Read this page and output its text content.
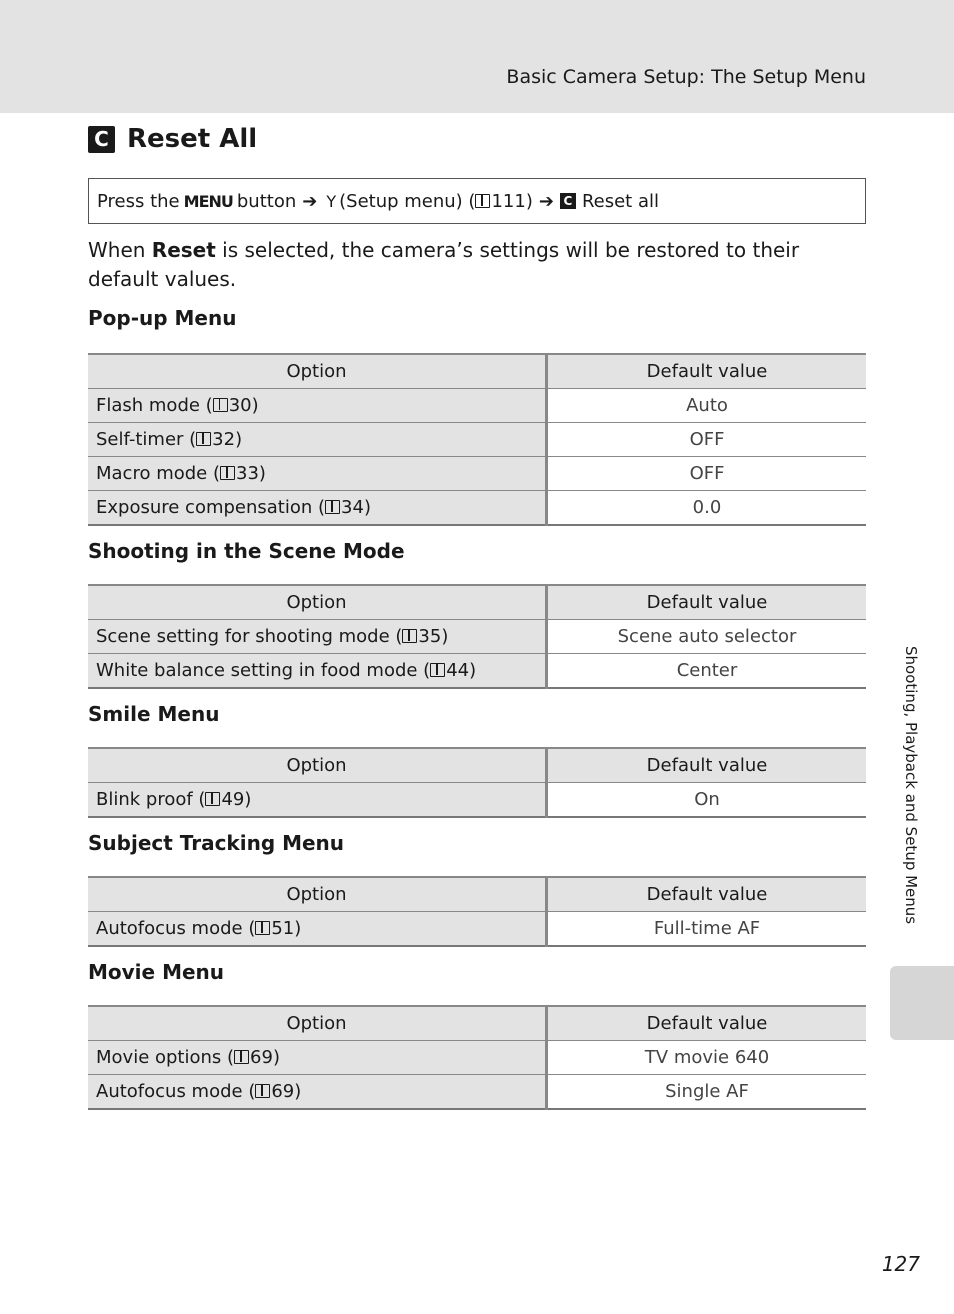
Basic Camera Setup: The Setup Menu
C Reset All
Press the MENU button ➔ Y (Setup menu) ( 111 ) ➔ C Reset all
When Reset is selected, the camera’s settings will be restored to their default values.
Pop-up Menu
Option	Default value
Flash mode ( 30)	Auto
Self-timer ( 32)	OFF
Macro mode ( 33)	OFF
Exposure compensation ( 34)	0.0
Shooting in the Scene Mode
Option	Default value
Scene setting for shooting mode ( 35)	Scene auto selector
White balance setting in food mode ( 44)	Center
Smile Menu
Option	Default value
Blink proof ( 49)	On
Subject Tracking Menu
Option	Default value
Autofocus mode ( 51)	Full-time AF
Movie Menu
Option	Default value
Movie options ( 69)	TV movie 640
Autofocus mode ( 69)	Single AF
Shooting, Playback and Setup Menus
127
